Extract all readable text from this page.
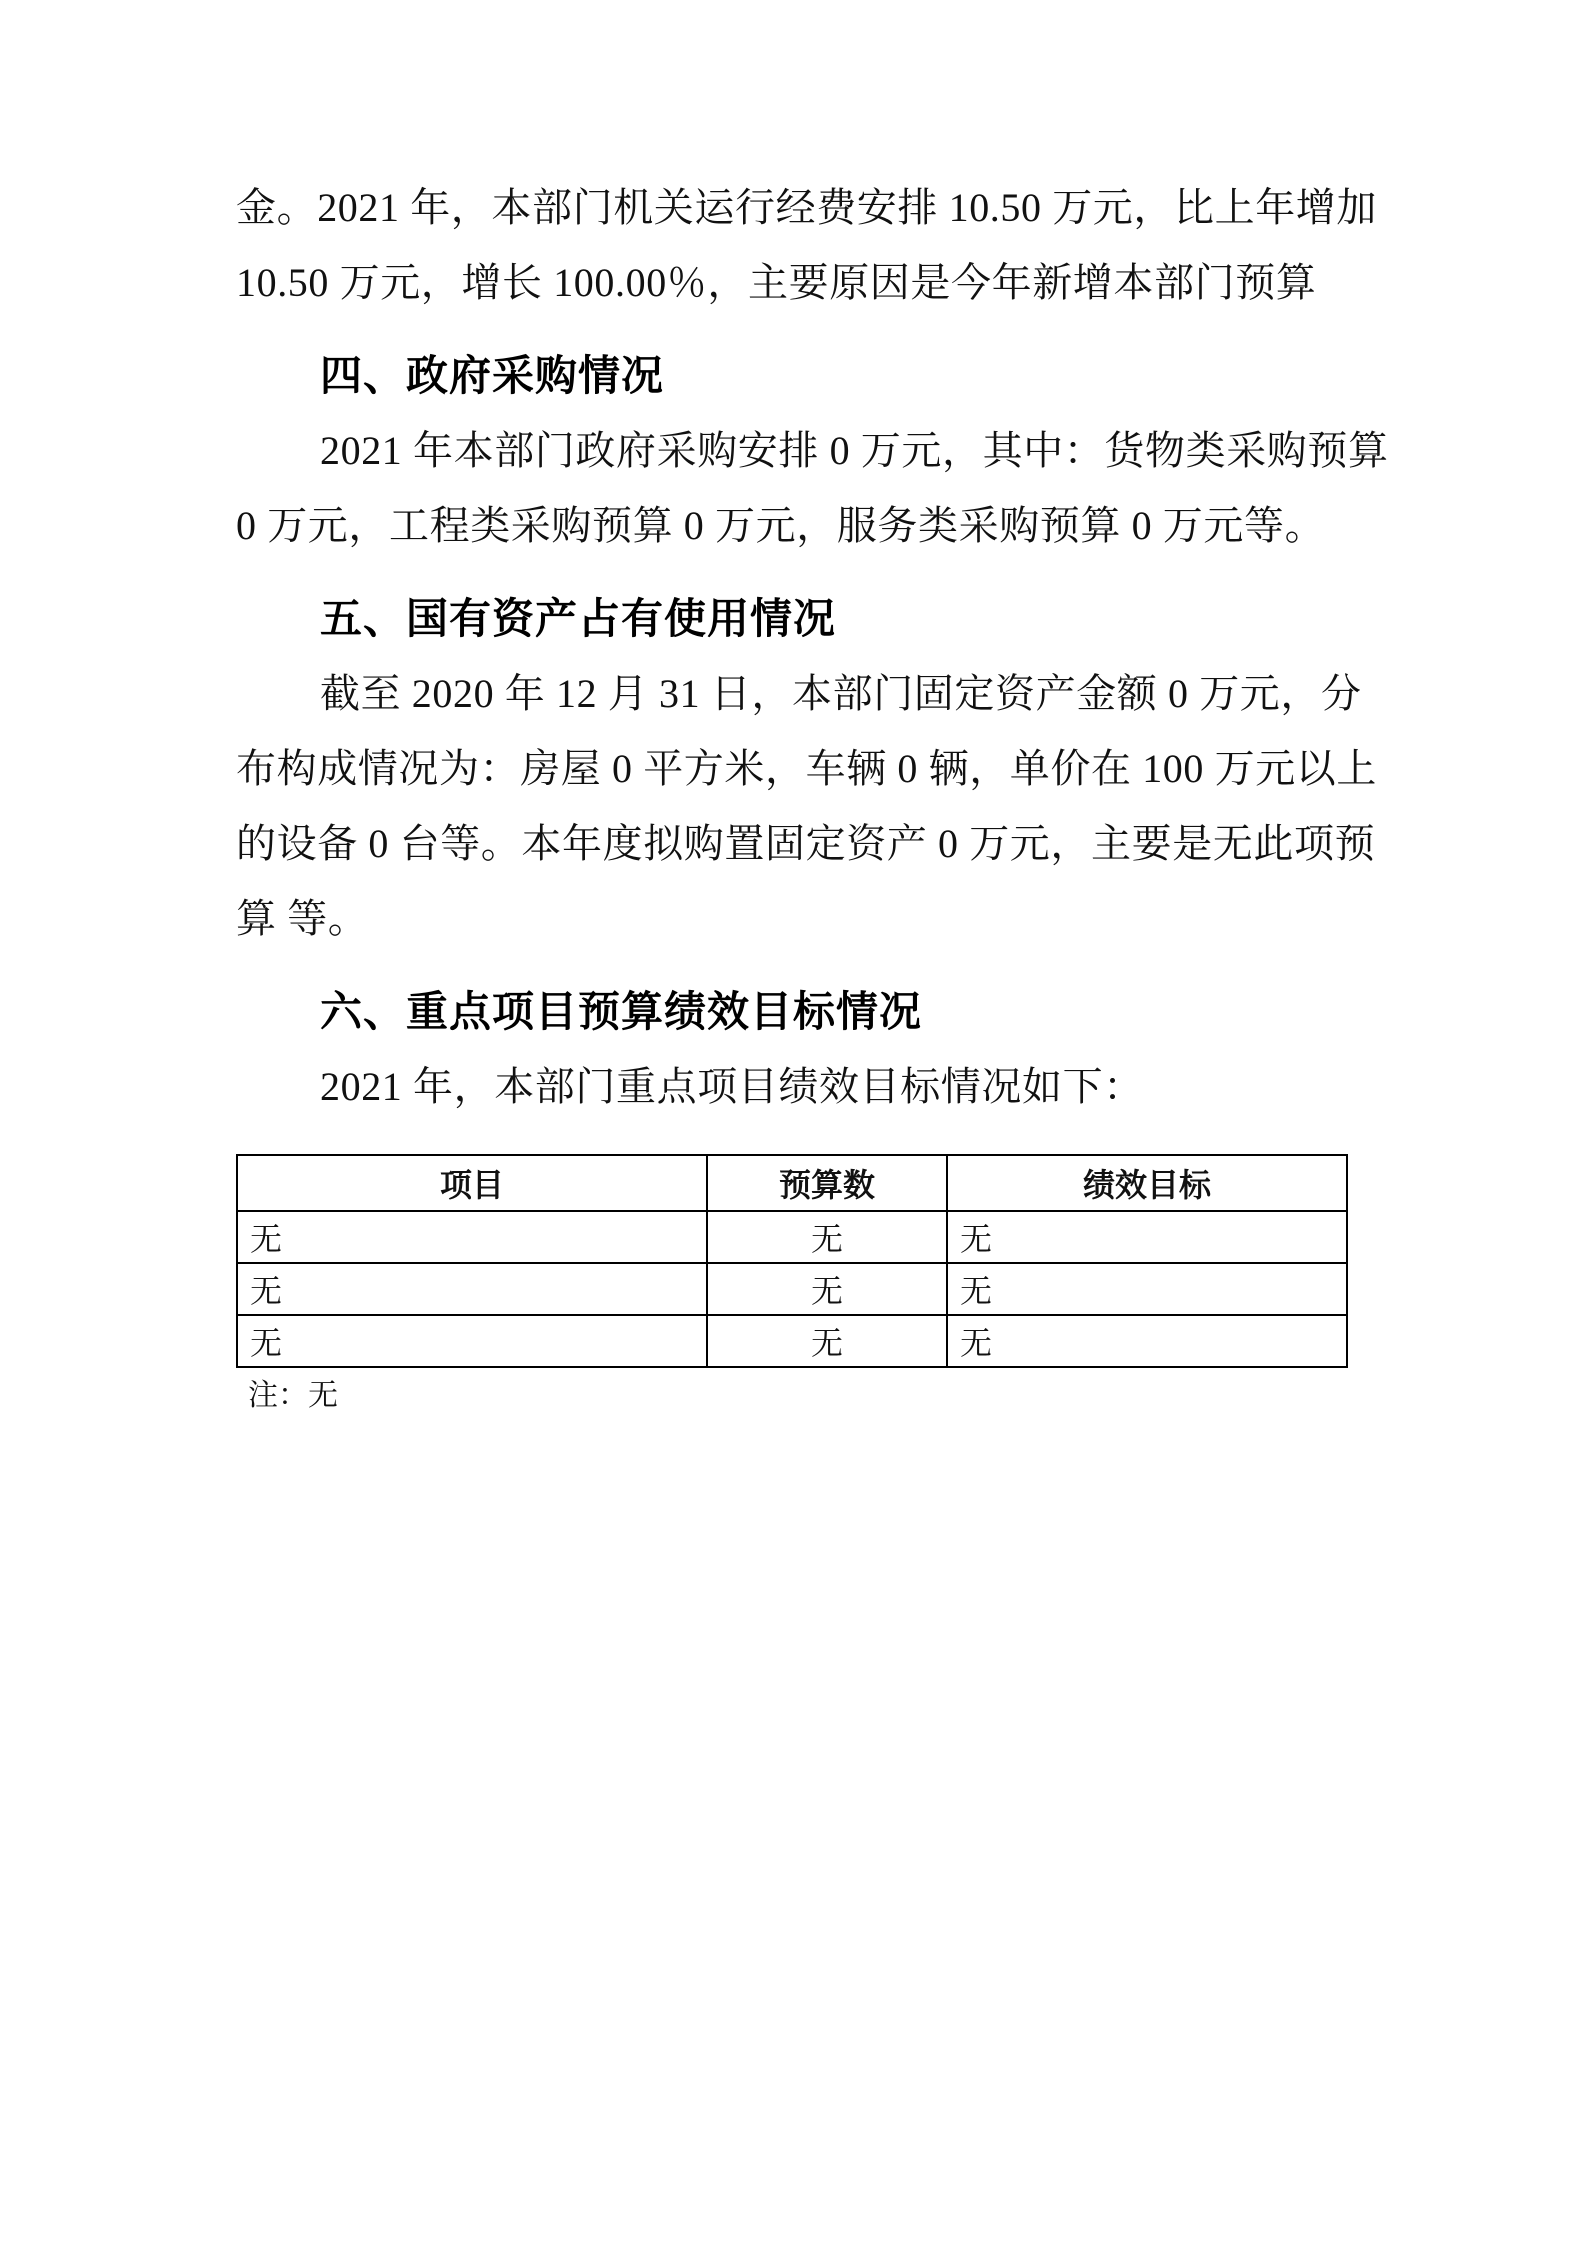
金。2021 年，本部门机关运行经费安排 10.50 万元，比上年增加
10.50 万元，增长 100.00％，主要原因是今年新增本部门预算
四、政府采购情况
2021 年本部门政府采购安排 0 万元，其中：货物类采购预算
0 万元，工程类采购预算 0 万元，服务类采购预算 0 万元等。
五、国有资产占有使用情况
截至 2020 年 12 月 31 日，本部门固定资产金额 0 万元，分
布构成情况为：房屋 0 平方米，车辆 0 辆，单价在 100 万元以上
的设备 0 台等。本年度拟购置固定资产 0 万元，主要是无此项预
算 等。
六、重点项目预算绩效目标情况
2021 年，本部门重点项目绩效目标情况如下：
项目	预算数	绩效目标
无	无	无
无	无	无
无	无	无
注：无
